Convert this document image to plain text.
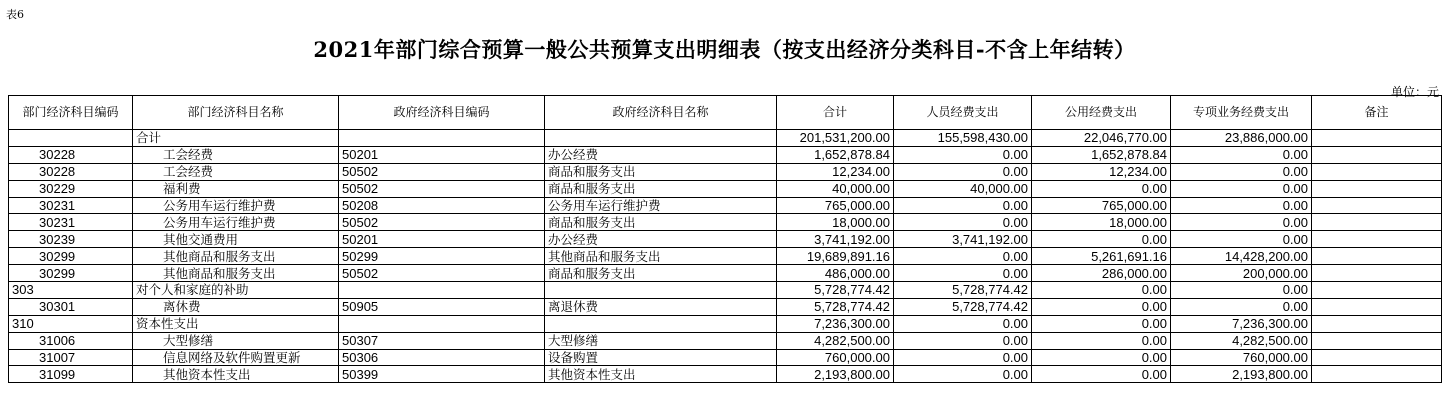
表6
2021年部门综合预算一般公共预算支出明细表（按支出经济分类科目-不含上年结转）
单位：元
部门经济科目编码	部门经济科目名称	政府经济科目编码	政府经济科目名称	合计	人员经费支出	公用经费支出	专项业务经费支出	备注
	合计			201,531,200.00	155,598,430.00	22,046,770.00	23,886,000.00	
30228	工会经费	50201	办公经费	1,652,878.84	0.00	1,652,878.84	0.00	
30228	工会经费	50502	商品和服务支出	12,234.00	0.00	12,234.00	0.00	
30229	福利费	50502	商品和服务支出	40,000.00	40,000.00	0.00	0.00	
30231	公务用车运行维护费	50208	公务用车运行维护费	765,000.00	0.00	765,000.00	0.00	
30231	公务用车运行维护费	50502	商品和服务支出	18,000.00	0.00	18,000.00	0.00	
30239	其他交通费用	50201	办公经费	3,741,192.00	3,741,192.00	0.00	0.00	
30299	其他商品和服务支出	50299	其他商品和服务支出	19,689,891.16	0.00	5,261,691.16	14,428,200.00	
30299	其他商品和服务支出	50502	商品和服务支出	486,000.00	0.00	286,000.00	200,000.00	
303	对个人和家庭的补助			5,728,774.42	5,728,774.42	0.00	0.00	
30301	离休费	50905	离退休费	5,728,774.42	5,728,774.42	0.00	0.00	
310	资本性支出			7,236,300.00	0.00	0.00	7,236,300.00	
31006	大型修缮	50307	大型修缮	4,282,500.00	0.00	0.00	4,282,500.00	
31007	信息网络及软件购置更新	50306	设备购置	760,000.00	0.00	0.00	760,000.00	
31099	其他资本性支出	50399	其他资本性支出	2,193,800.00	0.00	0.00	2,193,800.00	
